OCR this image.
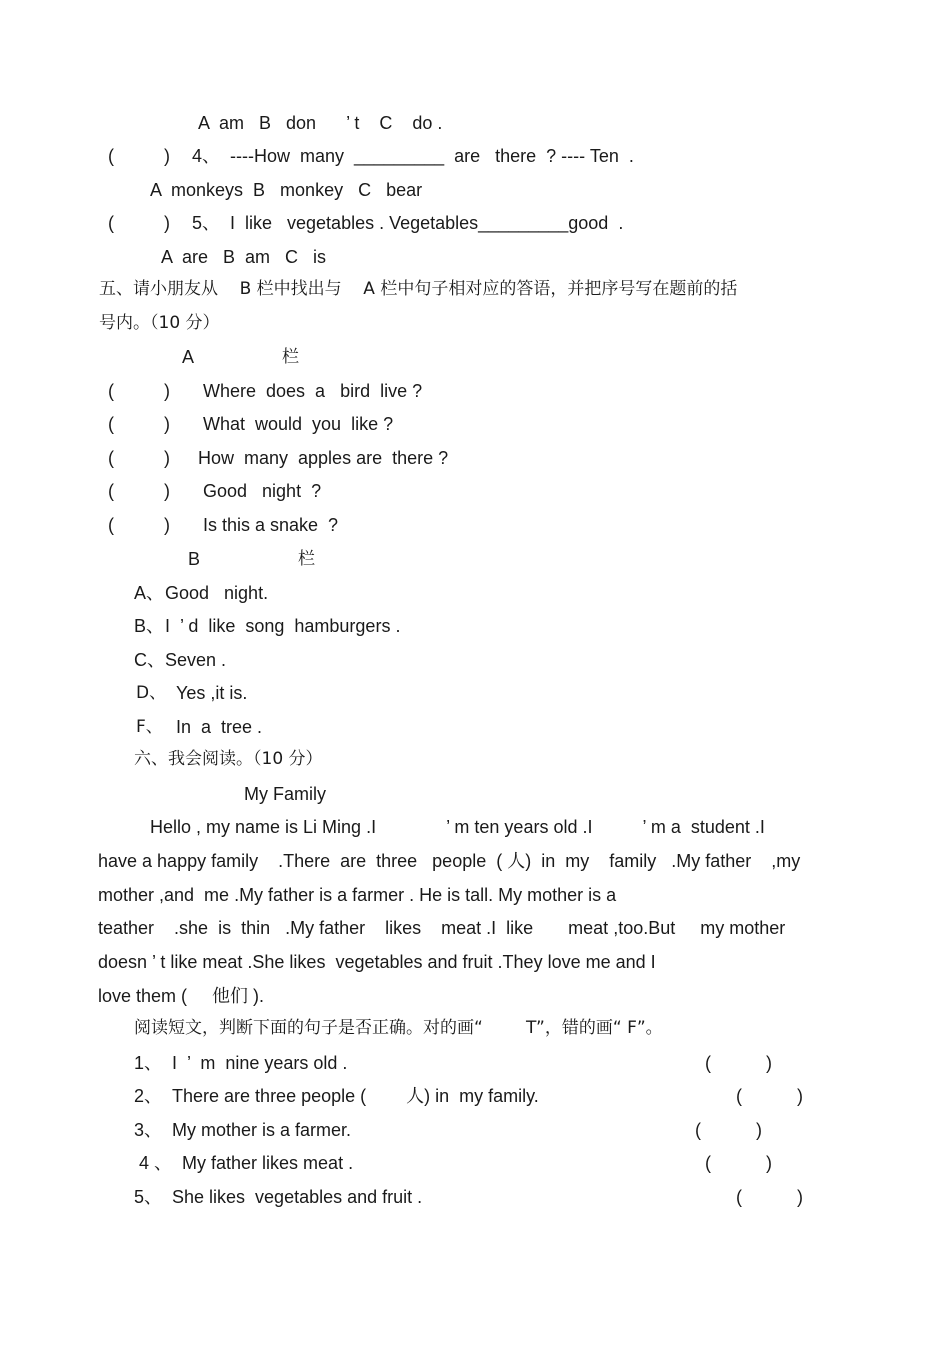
A  am   B   don      ’ t    C    do .
(          ) 4、  ----How  many  _________  are   there  ? ---- Ten  .
A  monkeys  B   monkey   C   bear
(          ) 5、  I  like   vegetables . Vegetables_________good  .
A  are   B  am   C   is
五、请小朋友从    B 栏中找出与    A 栏中句子相对应的答语，并把序号写在题前的括
号内。（10 分）
A	栏
(          ) Where  does  a   bird  live ?
(          ) What  would  you  like ?
(          ) How  many  apples are  there ?
(          ) Good   night  ?
(          ) Is this a snake  ?
B	栏
A、 Good   night.
B、 I  ’ d  like  song  hamburgers .
C、 Seven .
D、 Yes ,it is.
F、 In  a  tree .
六、我会阅读。（10 分）
My Family
Hello , my name is Li Ming .I              ’ m ten years old .I          ’ m a  student .I
have a happy family    .There  are  three   people  ( 人)  in  my    family   .My father    ,my
mother ,and  me .My father is a farmer . He is tall. My mother is a
teather    .she  is  thin   .My father    likes    meat .I  like       meat ,too.But     my mother
doesn ’ t like meat .She likes  vegetables and fruit .They love me and I
love them (     他们 ).
阅读短文，判断下面的句子是否正确。对的画“        T”，错的画“ F”。
1、  I  ’  m  nine years old .	(           )
2、  There are three people (        人) in  my family.	(           )
3、  My mother is a farmer.	(           )
4 、  My father likes meat .	(           )
5、  She likes  vegetables and fruit .	(           )
